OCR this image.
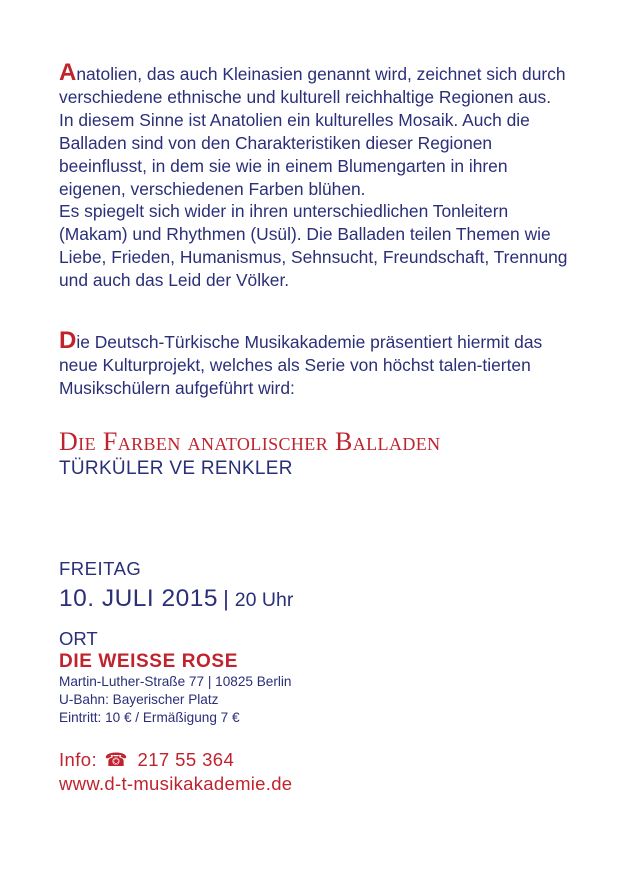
Anatolien, das auch Kleinasien genannt wird, zeichnet sich durch verschiedene ethnische und kulturell reichhaltige Regionen aus.

In diesem Sinne ist Anatolien ein kulturelles Mosaik. Auch die Balladen sind von den Charakteristiken dieser Regionen beeinflusst, in dem sie wie in einem Blumengarten in ihren eigenen, verschiedenen Farben blühen.

Es spiegelt sich wider in ihren unterschiedlichen Tonleitern (Makam) und Rhythmen (Usül). Die Balladen teilen Themen wie Liebe, Frieden, Humanismus, Sehnsucht, Freundschaft, Trennung und auch das Leid der Völker.

Die Deutsch-Türkische Musikakademie präsentiert hiermit das neue Kulturprojekt, welches als Serie von höchst talen-tierten Musikschülern aufgeführt wird:

Die Farben anatolischer Balladen
TÜRKÜLER VE RENKLER
FREITAG
10. JULI 2015 | 20 Uhr
ORT
DIE WEISSE ROSE
Martin-Luther-Straße 77 | 10825 Berlin
U-Bahn: Bayerischer Platz
Eintritt: 10 € / Ermäßigung 7 €
Info: ☎ 217 55 364
www.d-t-musikakademie.de
